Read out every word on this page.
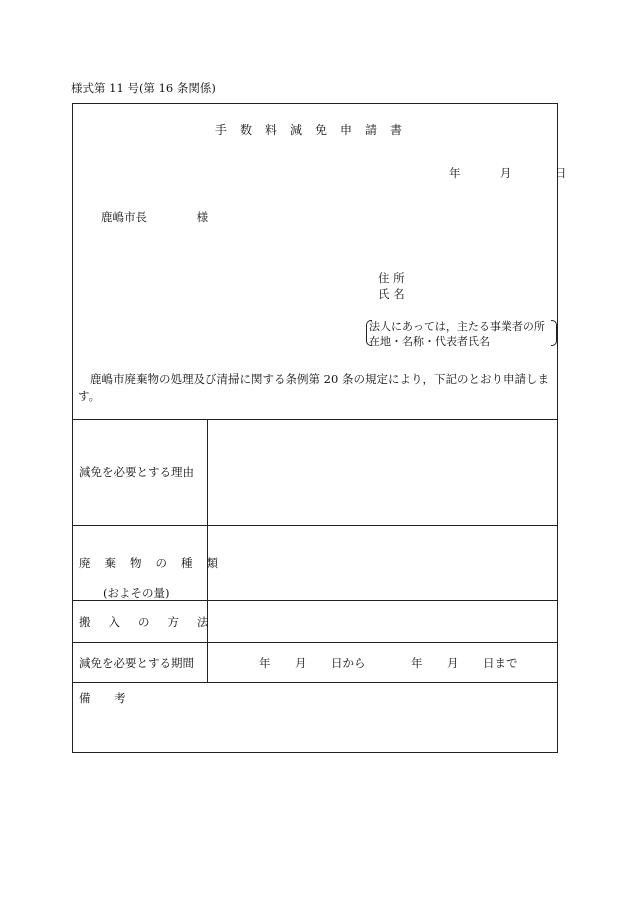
様式第 11 号(第 16 条関係)
手数料減免申請書
年	月	日
鹿嶋市長	様
住 所
氏 名
法人にあっては，主たる事業者の所在地・名称・代表者氏名
鹿嶋市廃棄物の処理及び清掃に関する条例第 20 条の規定により，下記のとおり申請します。
減免を必要とする理由
廃棄物の種類
(およその量)
搬入の方法
減免を必要とする期間	年 月 日から	年 月 日まで
備 考
